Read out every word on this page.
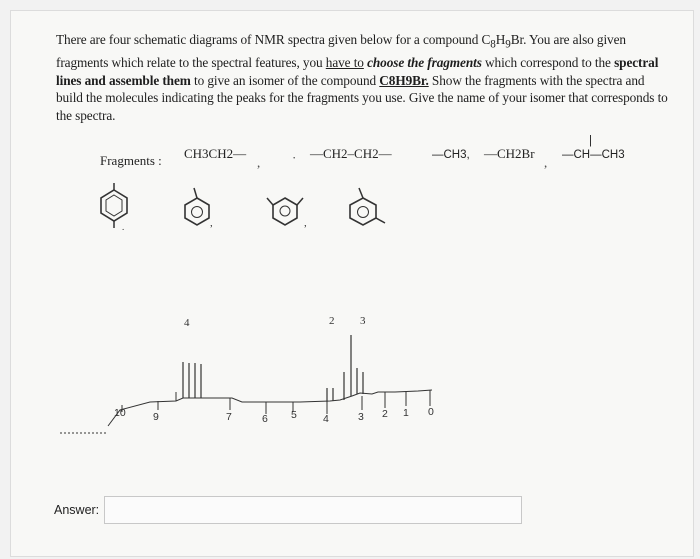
There are four schematic diagrams of NMR spectra given below for a compound $C_8H_9Br$. You are also given fragments which relate to the spectral features, you have to choose the fragments which correspond to the spectral lines and assemble them to give an isomer of the compound C8H9Br. Show the fragments with the spectra and build the molecules indicating the peaks for the fragments you use. Give the name of your isomer that corresponds to the spectra.
Fragments : CH3CH2—
, · —CH2–CH2—	—CH3, —CH2Br
,
|
—CH—CH3
.	,	,
4	2 3
10	9	7	6 5 4	3 2 1 0
Answer:
